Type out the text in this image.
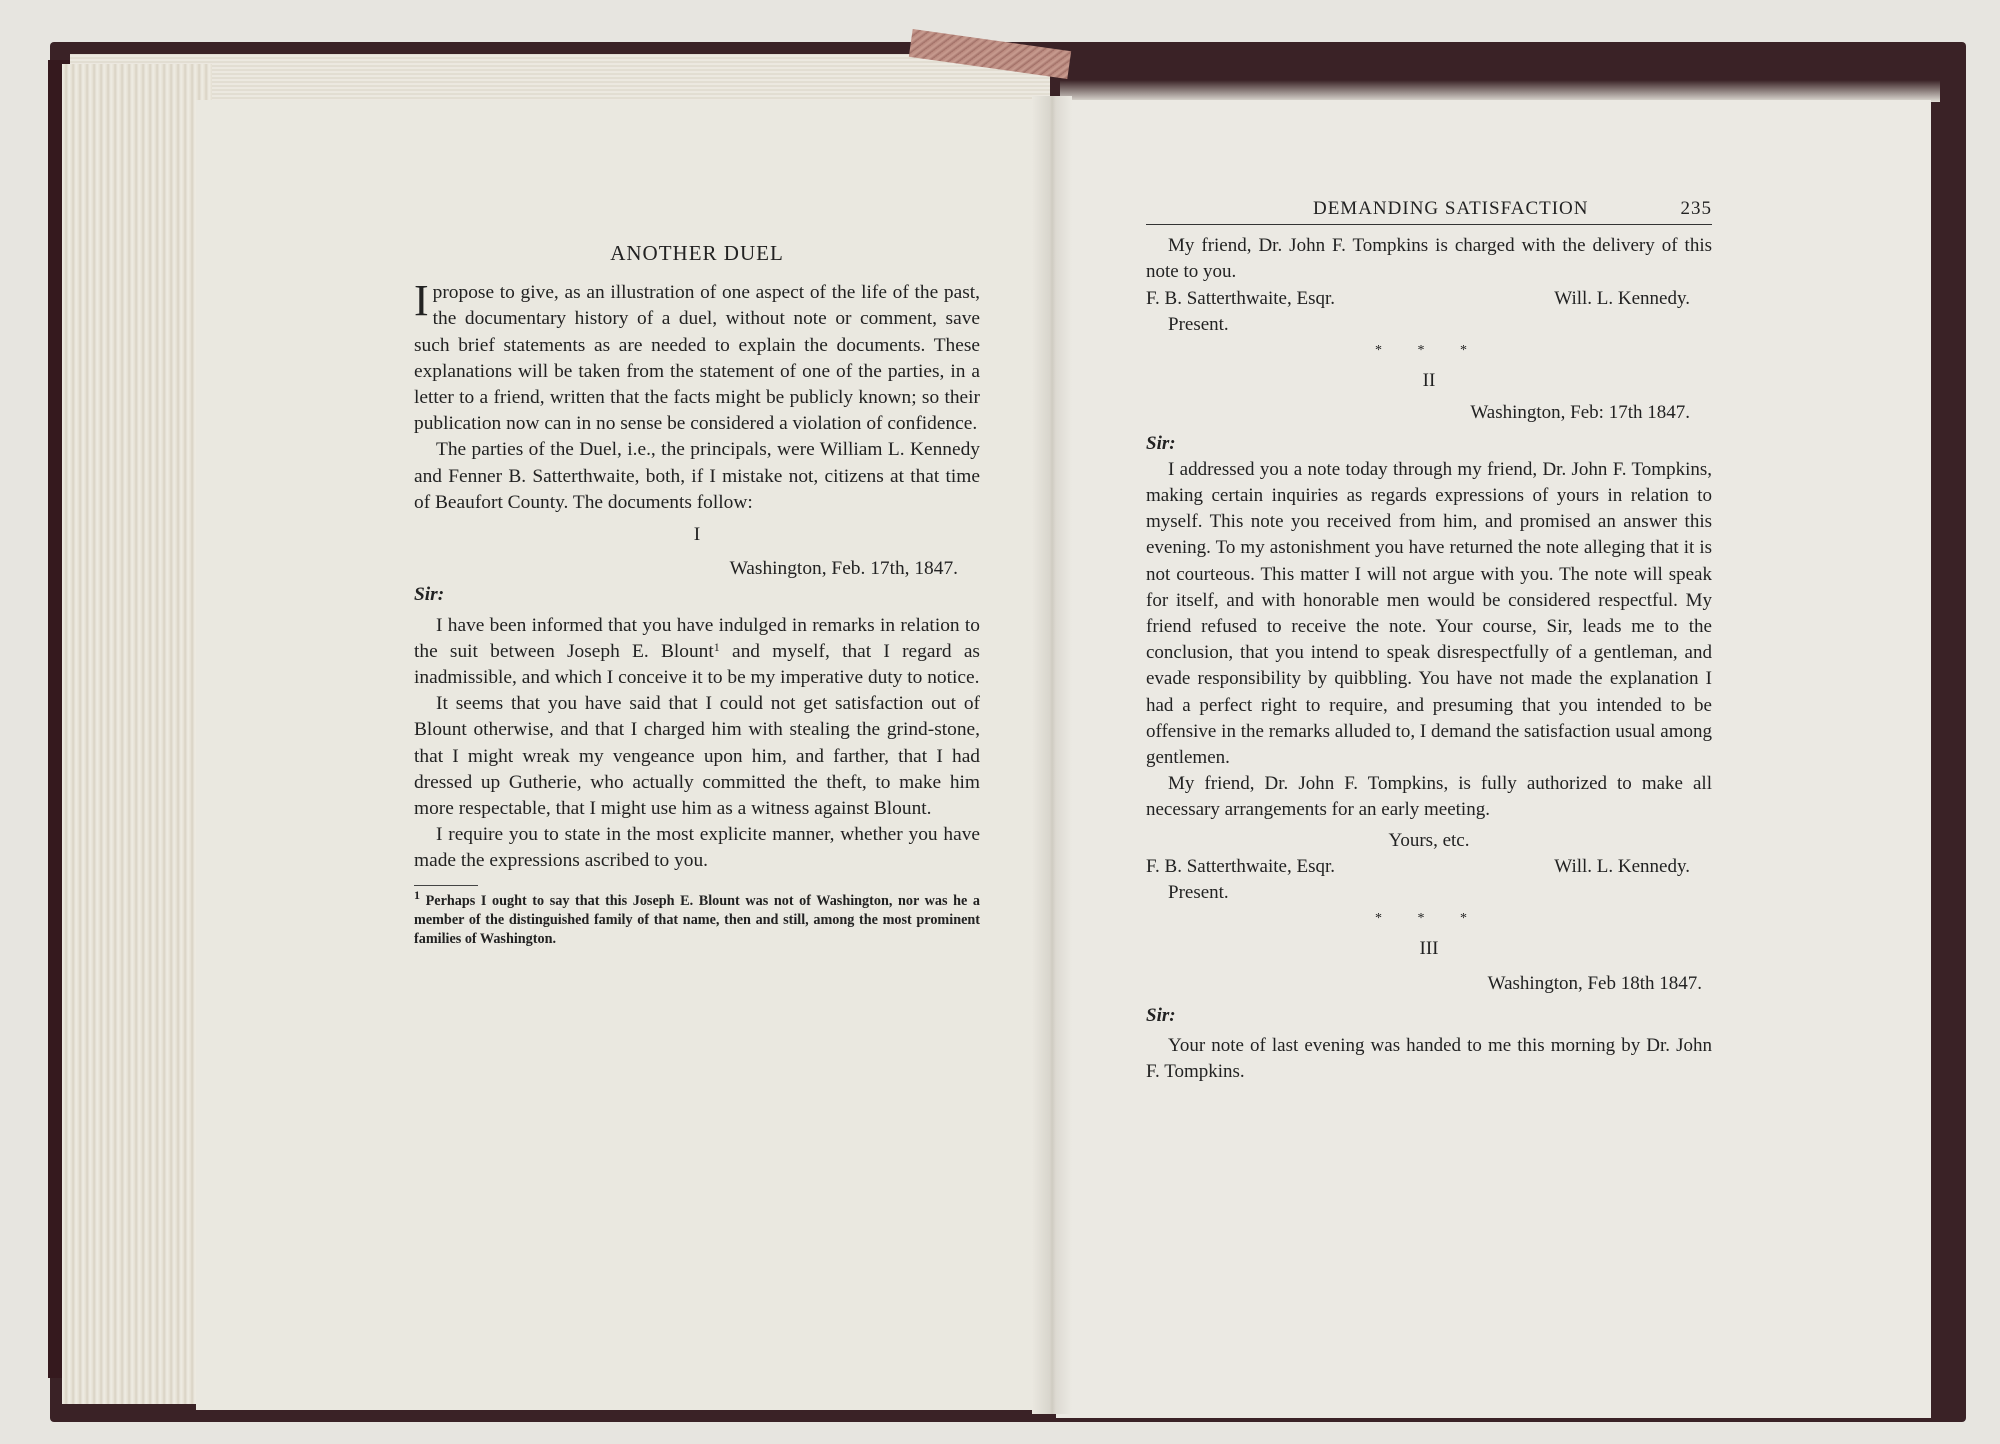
ANOTHER DUEL

I propose to give, as an illustration of one aspect of the life of the past, the documentary history of a duel, without note or comment, save such brief statements as are needed to explain the documents. These explanations will be taken from the statement of one of the parties, in a letter to a friend, written that the facts might be publicly known; so their publication now can in no sense be considered a violation of confidence.

The parties of the Duel, i.e., the principals, were William L. Kennedy and Fenner B. Satterthwaite, both, if I mistake not, citizens at that time of Beaufort County. The documents follow:

I

Washington, Feb. 17th, 1847.

Sir:

I have been informed that you have indulged in remarks in relation to the suit between Joseph E. Blount$^1$ and myself, that I regard as inadmissible, and which I conceive it to be my imperative duty to notice.

It seems that you have said that I could not get satisfaction out of Blount otherwise, and that I charged him with stealing the grind-stone, that I might wreak my vengeance upon him, and farther, that I had dressed up Gutherie, who actually committed the theft, to make him more respectable, that I might use him as a witness against Blount.

I require you to state in the most explicite manner, whether you have made the expressions ascribed to you.

$^1$ Perhaps I ought to say that this Joseph E. Blount was not of Washington, nor was he a member of the distinguished family of that name, then and still, among the most prominent families of Washington.

DEMANDING SATISFACTION	235

My friend, Dr. John F. Tompkins is charged with the delivery of this note to you.

F. B. Satterthwaite, Esqr.	Will. L. Kennedy.

Present.

* * *

II

Washington, Feb: 17th 1847.

Sir:

I addressed you a note today through my friend, Dr. John F. Tompkins, making certain inquiries as regards expressions of yours in relation to myself. This note you received from him, and promised an answer this evening. To my astonishment you have returned the note alleging that it is not courteous. This matter I will not argue with you. The note will speak for itself, and with honorable men would be considered respectful. My friend refused to receive the note. Your course, Sir, leads me to the conclusion, that you intend to speak disrespectfully of a gentleman, and evade responsibility by quibbling. You have not made the explanation I had a perfect right to require, and presuming that you intended to be offensive in the remarks alluded to, I demand the satisfaction usual among gentlemen.

My friend, Dr. John F. Tompkins, is fully authorized to make all necessary arrangements for an early meeting.

Yours, etc.

F. B. Satterthwaite, Esqr.	Will. L. Kennedy.

Present.

* * *

III

Washington, Feb 18th 1847.

Sir:

Your note of last evening was handed to me this morning by Dr. John F. Tompkins.
